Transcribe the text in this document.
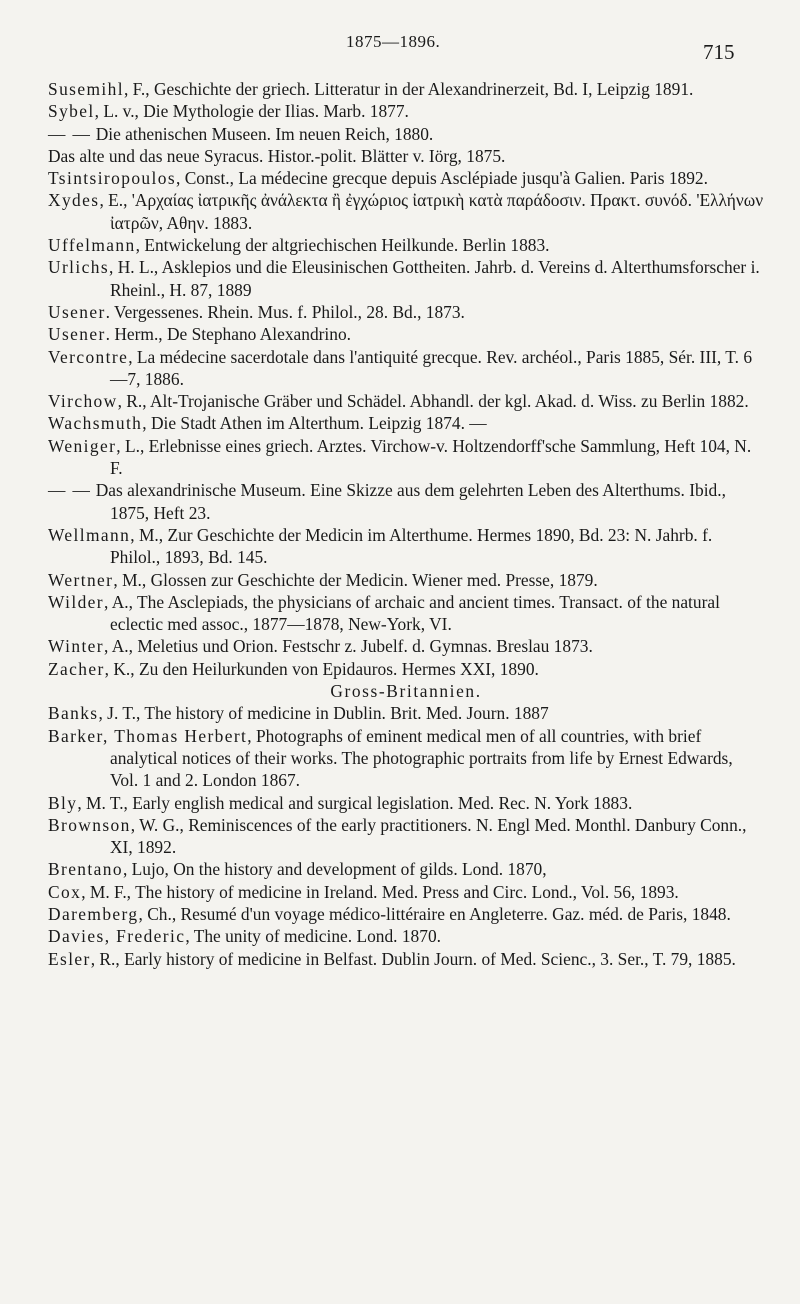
1875—1896.	715

Susemihl, F., Geschichte der griech. Litteratur in der Alexandrinerzeit, Bd. I, Leipzig 1891.

Sybel, L. v., Die Mythologie der Ilias. Marb. 1877.

— — Die athenischen Museen. Im neuen Reich, 1880.

Das alte und das neue Syracus. Histor.-polit. Blätter v. Iörg, 1875.

Tsintsiropoulos, Const., La médecine grecque depuis Asclépiade jusqu'à Galien. Paris 1892.

Xydes, E., 'Αρχαίας ἰατρικῆς ἀνάλεκτα ἢ ἐγχώριος ἰατρικὴ κατὰ παράδοσιν. Πρακτ. συνόδ. 'Ελλήνων ἰατρῶν, Αθην. 1883.

Uffelmann, Entwickelung der altgriechischen Heilkunde. Berlin 1883.

Urlichs, H. L., Asklepios und die Eleusinischen Gottheiten. Jahrb. d. Vereins d. Alterthumsforscher i. Rheinl., H. 87, 1889

Usener. Vergessenes. Rhein. Mus. f. Philol., 28. Bd., 1873.

Usener. Herm., De Stephano Alexandrino.

Vercontre, La médecine sacerdotale dans l'antiquité grecque. Rev. archéol., Paris 1885, Sér. III, T. 6—7, 1886.

Virchow, R., Alt-Trojanische Gräber und Schädel. Abhandl. der kgl. Akad. d. Wiss. zu Berlin 1882.

Wachsmuth, Die Stadt Athen im Alterthum. Leipzig 1874. —

Weniger, L., Erlebnisse eines griech. Arztes. Virchow-v. Holtzendorff'sche Sammlung, Heft 104, N. F.

— — Das alexandrinische Museum. Eine Skizze aus dem gelehrten Leben des Alterthums. Ibid., 1875, Heft 23.

Wellmann, M., Zur Geschichte der Medicin im Alterthume. Hermes 1890, Bd. 23: N. Jahrb. f. Philol., 1893, Bd. 145.

Wertner, M., Glossen zur Geschichte der Medicin. Wiener med. Presse, 1879.

Wilder, A., The Asclepiads, the physicians of archaic and ancient times. Transact. of the natural eclectic med assoc., 1877—1878, New-York, VI.

Winter, A., Meletius und Orion. Festschr z. Jubelf. d. Gymnas. Breslau 1873.

Zacher, K., Zu den Heilurkunden von Epidauros. Hermes XXI, 1890.

Gross-Britannien.

Banks, J. T., The history of medicine in Dublin. Brit. Med. Journ. 1887

Barker, Thomas Herbert, Photographs of eminent medical men of all countries, with brief analytical notices of their works. The photographic portraits from life by Ernest Edwards, Vol. 1 and 2. London 1867.

Bly, M. T., Early english medical and surgical legislation. Med. Rec. N. York 1883.

Brownson, W. G., Reminiscences of the early practitioners. N. Engl Med. Monthl. Danbury Conn., XI, 1892.

Brentano, Lujo, On the history and development of gilds. Lond. 1870,

Cox, M. F., The history of medicine in Ireland. Med. Press and Circ. Lond., Vol. 56, 1893.

Daremberg, Ch., Resumé d'un voyage médico-littéraire en Angleterre. Gaz. méd. de Paris, 1848.

Davies, Frederic, The unity of medicine. Lond. 1870.

Esler, R., Early history of medicine in Belfast. Dublin Journ. of Med. Scienc., 3. Ser., T. 79, 1885.
